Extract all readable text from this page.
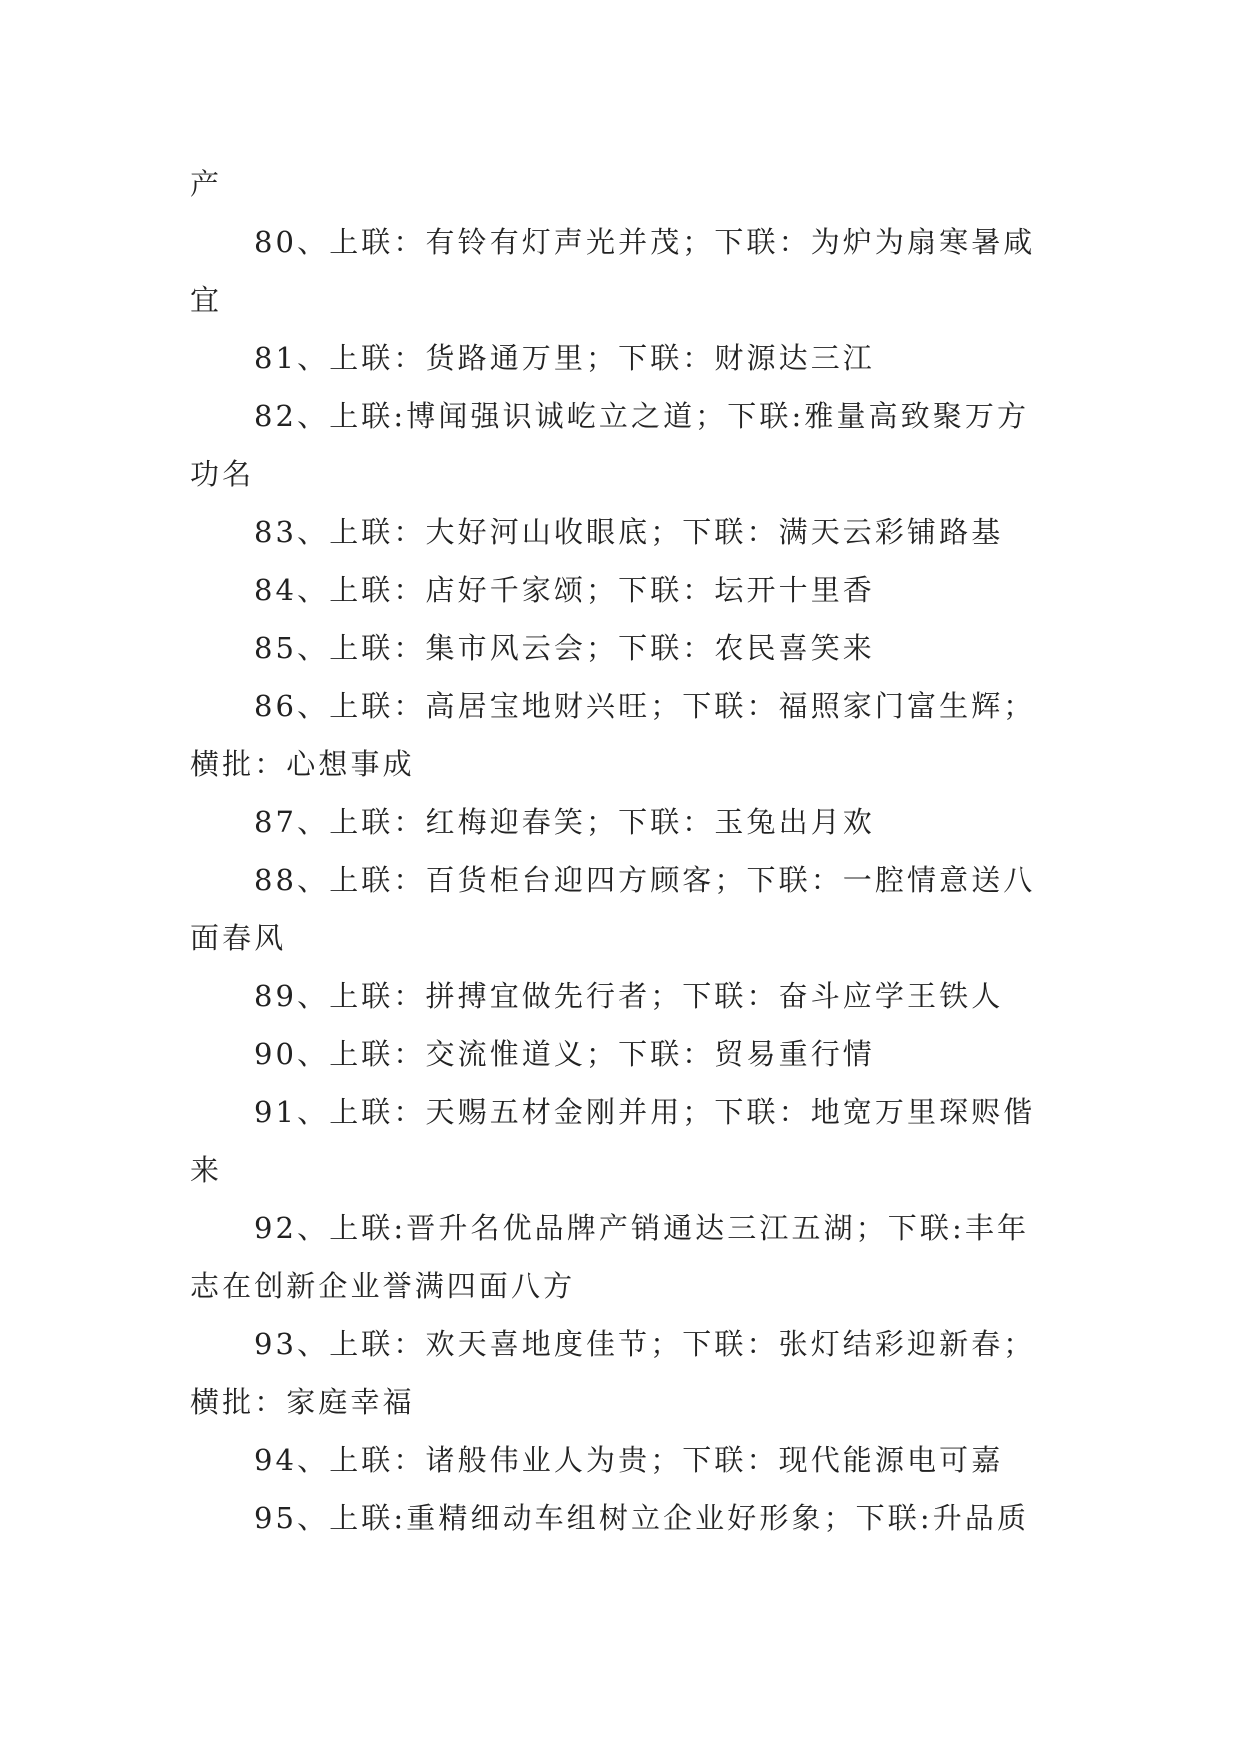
产

80、上联：有铃有灯声光并茂；下联：为炉为扇寒暑咸宜

81、上联：货路通万里；下联：财源达三江

82、上联:博闻强识诚屹立之道；下联:雅量高致聚万方功名

83、上联：大好河山收眼底；下联：满天云彩铺路基

84、上联：店好千家颂；下联：坛开十里香

85、上联：集市风云会；下联：农民喜笑来

86、上联：高居宝地财兴旺；下联：福照家门富生辉；横批：心想事成

87、上联：红梅迎春笑；下联：玉兔出月欢

88、上联：百货柜台迎四方顾客；下联：一腔情意送八面春风

89、上联：拼搏宜做先行者；下联：奋斗应学王铁人

90、上联：交流惟道义；下联：贸易重行情

91、上联：天赐五材金刚并用；下联：地宽万里琛赆偕来

92、上联:晋升名优品牌产销通达三江五湖；下联:丰年志在创新企业誉满四面八方

93、上联：欢天喜地度佳节；下联：张灯结彩迎新春；横批：家庭幸福

94、上联：诸般伟业人为贵；下联：现代能源电可嘉

95、上联:重精细动车组树立企业好形象；下联:升品质
